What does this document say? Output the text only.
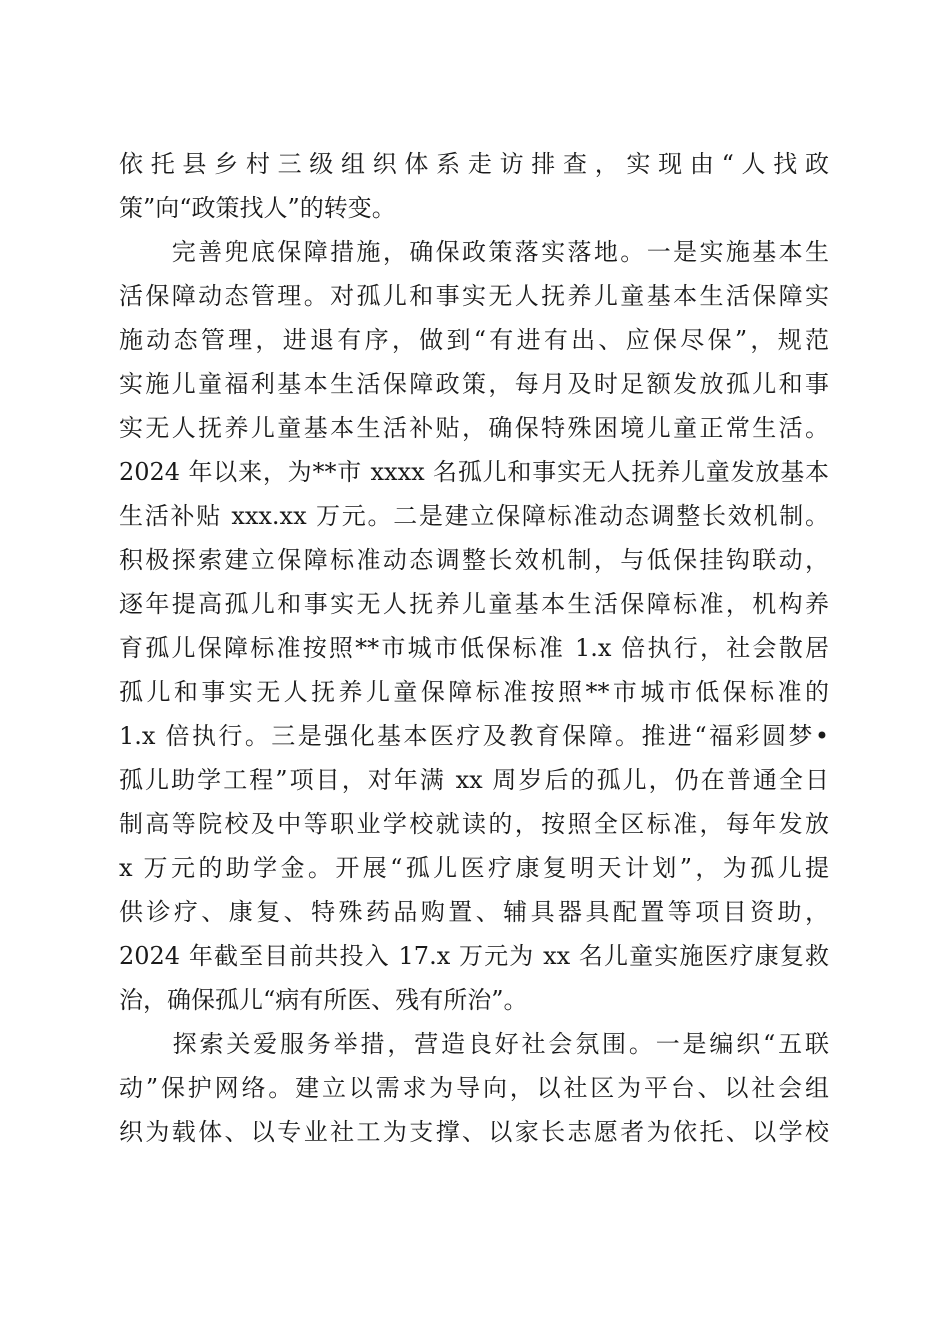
依托县乡村三级组织体系走访排查，实现由“人找政
策”向“政策找人”的转变。
　　完善兜底保障措施，确保政策落实落地。一是实施基本生
活保障动态管理。对孤儿和事实无人抚养儿童基本生活保障实
施动态管理，进退有序，做到“有进有出、应保尽保”，规范
实施儿童福利基本生活保障政策，每月及时足额发放孤儿和事
实无人抚养儿童基本生活补贴，确保特殊困境儿童正常生活。
2024 年以来，为**市 xxxx 名孤儿和事实无人抚养儿童发放基本
生活补贴 xxx.xx 万元。二是建立保障标准动态调整长效机制。
积极探索建立保障标准动态调整长效机制，与低保挂钩联动，
逐年提高孤儿和事实无人抚养儿童基本生活保障标准，机构养
育孤儿保障标准按照**市城市低保标准 1.x 倍执行，社会散居
孤儿和事实无人抚养儿童保障标准按照**市城市低保标准的
1.x 倍执行。三是强化基本医疗及教育保障。推进“福彩圆梦•
孤儿助学工程”项目，对年满 xx 周岁后的孤儿，仍在普通全日
制高等院校及中等职业学校就读的，按照全区标准，每年发放
x 万元的助学金。开展“孤儿医疗康复明天计划”，为孤儿提
供诊疗、康复、特殊药品购置、辅具器具配置等项目资助，
2024 年截至目前共投入 17.x 万元为 xx 名儿童实施医疗康复救
治，确保孤儿“病有所医、残有所治”。
　　探索关爱服务举措，营造良好社会氛围。一是编织“五联
动”保护网络。建立以需求为导向，以社区为平台、以社会组
织为载体、以专业社工为支撑、以家长志愿者为依托、以学校
